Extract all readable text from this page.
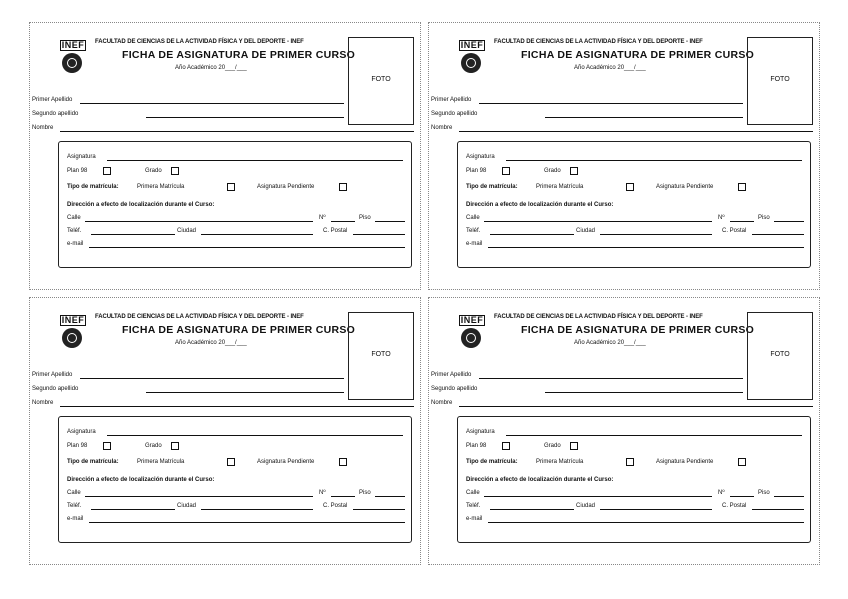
INEF FACULTAD DE CIENCIAS DE LA ACTIVIDAD FÍSICA Y DEL DEPORTE - INEF
FICHA DE ASIGNATURA DE PRIMER CURSO
Año Académico 20___/___
FOTO
Primer Apellido
Segundo apellido
Nombre
Asignatura
Plan 98	Grado
Tipo de matrícula:	Primera Matrícula	Asignatura Pendiente
Dirección a efecto de localización durante el Curso:
Calle	Nº	Piso
Teléf.	Ciudad	C. Postal
e-mail
INEF FACULTAD DE CIENCIAS DE LA ACTIVIDAD FÍSICA Y DEL DEPORTE - INEF
FICHA DE ASIGNATURA DE PRIMER CURSO
Año Académico 20___/___
FOTO
Primer Apellido
Segundo apellido
Nombre
Asignatura
Plan 98	Grado
Tipo de matrícula:	Primera Matrícula	Asignatura Pendiente
Dirección a efecto de localización durante el Curso:
Calle	Nº	Piso
Teléf.	Ciudad	C. Postal
e-mail
INEF FACULTAD DE CIENCIAS DE LA ACTIVIDAD FÍSICA Y DEL DEPORTE - INEF
FICHA DE ASIGNATURA DE PRIMER CURSO
Año Académico 20___/___
FOTO
Primer Apellido
Segundo apellido
Nombre
Asignatura
Plan 98	Grado
Tipo de matrícula:	Primera Matrícula	Asignatura Pendiente
Dirección a efecto de localización durante el Curso:
Calle	Nº	Piso
Teléf.	Ciudad	C. Postal
e-mail
INEF FACULTAD DE CIENCIAS DE LA ACTIVIDAD FÍSICA Y DEL DEPORTE - INEF
FICHA DE ASIGNATURA DE PRIMER CURSO
Año Académico 20___/___
FOTO
Primer Apellido
Segundo apellido
Nombre
Asignatura
Plan 98	Grado
Tipo de matrícula:	Primera Matrícula	Asignatura Pendiente
Dirección a efecto de localización durante el Curso:
Calle	Nº	Piso
Teléf.	Ciudad	C. Postal
e-mail
